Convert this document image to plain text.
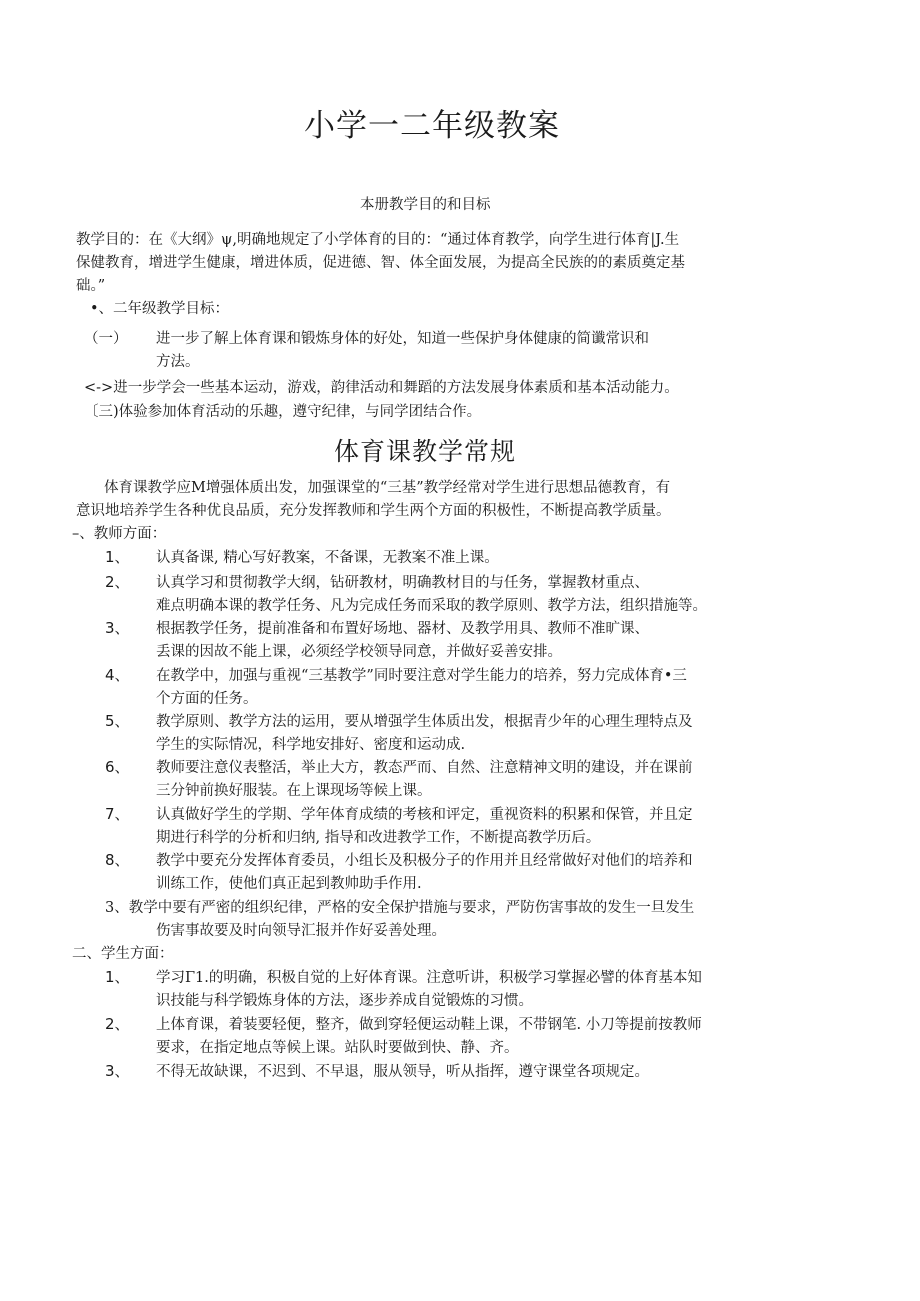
小学一二年级教案
本册教学目的和目标
教学目的：在《大纲》ψ,明确地规定了小学体育的目的：“通过体育教学，向学生进行体育|J.生
保健教育，增进学生健康，增进体质，促进德、智、体全面发展，为提高全民族的的素质奠定基
础。”
•、二年级教学目标：
（一） 进一步了解上体育课和锻炼身体的好处，知道一些保护身体健康的简谶常识和
方法。
<->进一步学会一些基本运动，游戏，韵律活动和舞蹈的方法发展身体素质和基本活动能力。
〔三)体验参加体育活动的乐趣，遵守纪律，与同学团结合作。
体育课教学常规
体育课教学应M增强体质出发，加强课堂的“三基”教学经常对学生进行思想品德教育，有
意识地培养学生各种优良品质，充分发挥教师和学生两个方面的积极性，不断提高教学质量。
–、教师方面：
1、 认真备课, 精心写好教案，不备课，无教案不准上课。
2、 认真学习和贯彻教学大纲，钻研教材，明确教材目的与任务，掌握教材重点、
难点明确本课的教学任务、凡为完成任务而采取的教学原则、教学方法，组织措施等。
3、 根据教学任务，提前准备和布置好场地、器材、及教学用具、教师不准旷课、
丢课的因故不能上课，必须经学校领导同意，并做好妥善安排。
4、 在教学中，加强与重视“三基教学”同时要注意对学生能力的培养，努力完成体育•三
个方面的任务。
5、 教学原则、教学方法的运用，要从增强学生体质出发，根据青少年的心理生理特点及
学生的实际情况，科学地安排好、密度和运动成.
6、 教师要注意仪表整活，举止大方，教态严而、自然、注意精神文明的建设，并在课前
三分钟前换好服装。在上课现场等候上课。
7、 认真做好学生的学期、学年体育成绩的考核和评定，重视资料的积累和保管，并且定
期进行科学的分析和归纳, 指导和改进教学工作，不断提高教学历后。
8、 教学中要充分发挥体育委员，小组长及积极分子的作用并且经常做好对他们的培养和
训练工作，使他们真正起到教帅助手作用.
3、教学中要有严密的组织纪律，严格的安全保护措施与要求，严防伤害事故的发生一旦发生
伤害事故要及时向领导汇报并作好妥善处理。
二、学生方面：
1、 学习Γ1.的明确，积极自觉的上好体育课。注意听讲，积极学习掌握必譬的体育基本知
识技能与科学锻炼身体的方法，逐步养成自觉锻炼的习惯。
2、 上体育课，着装要轻便，整齐，做到穿轻便运动鞋上课，不带钢笔. 小刀等提前按教师
要求，在指定地点等候上课。站队时要做到快、静、齐。
3、 不得无故缺课，不迟到、不早退，服从领导，听从指挥，遵守课堂各项规定。
